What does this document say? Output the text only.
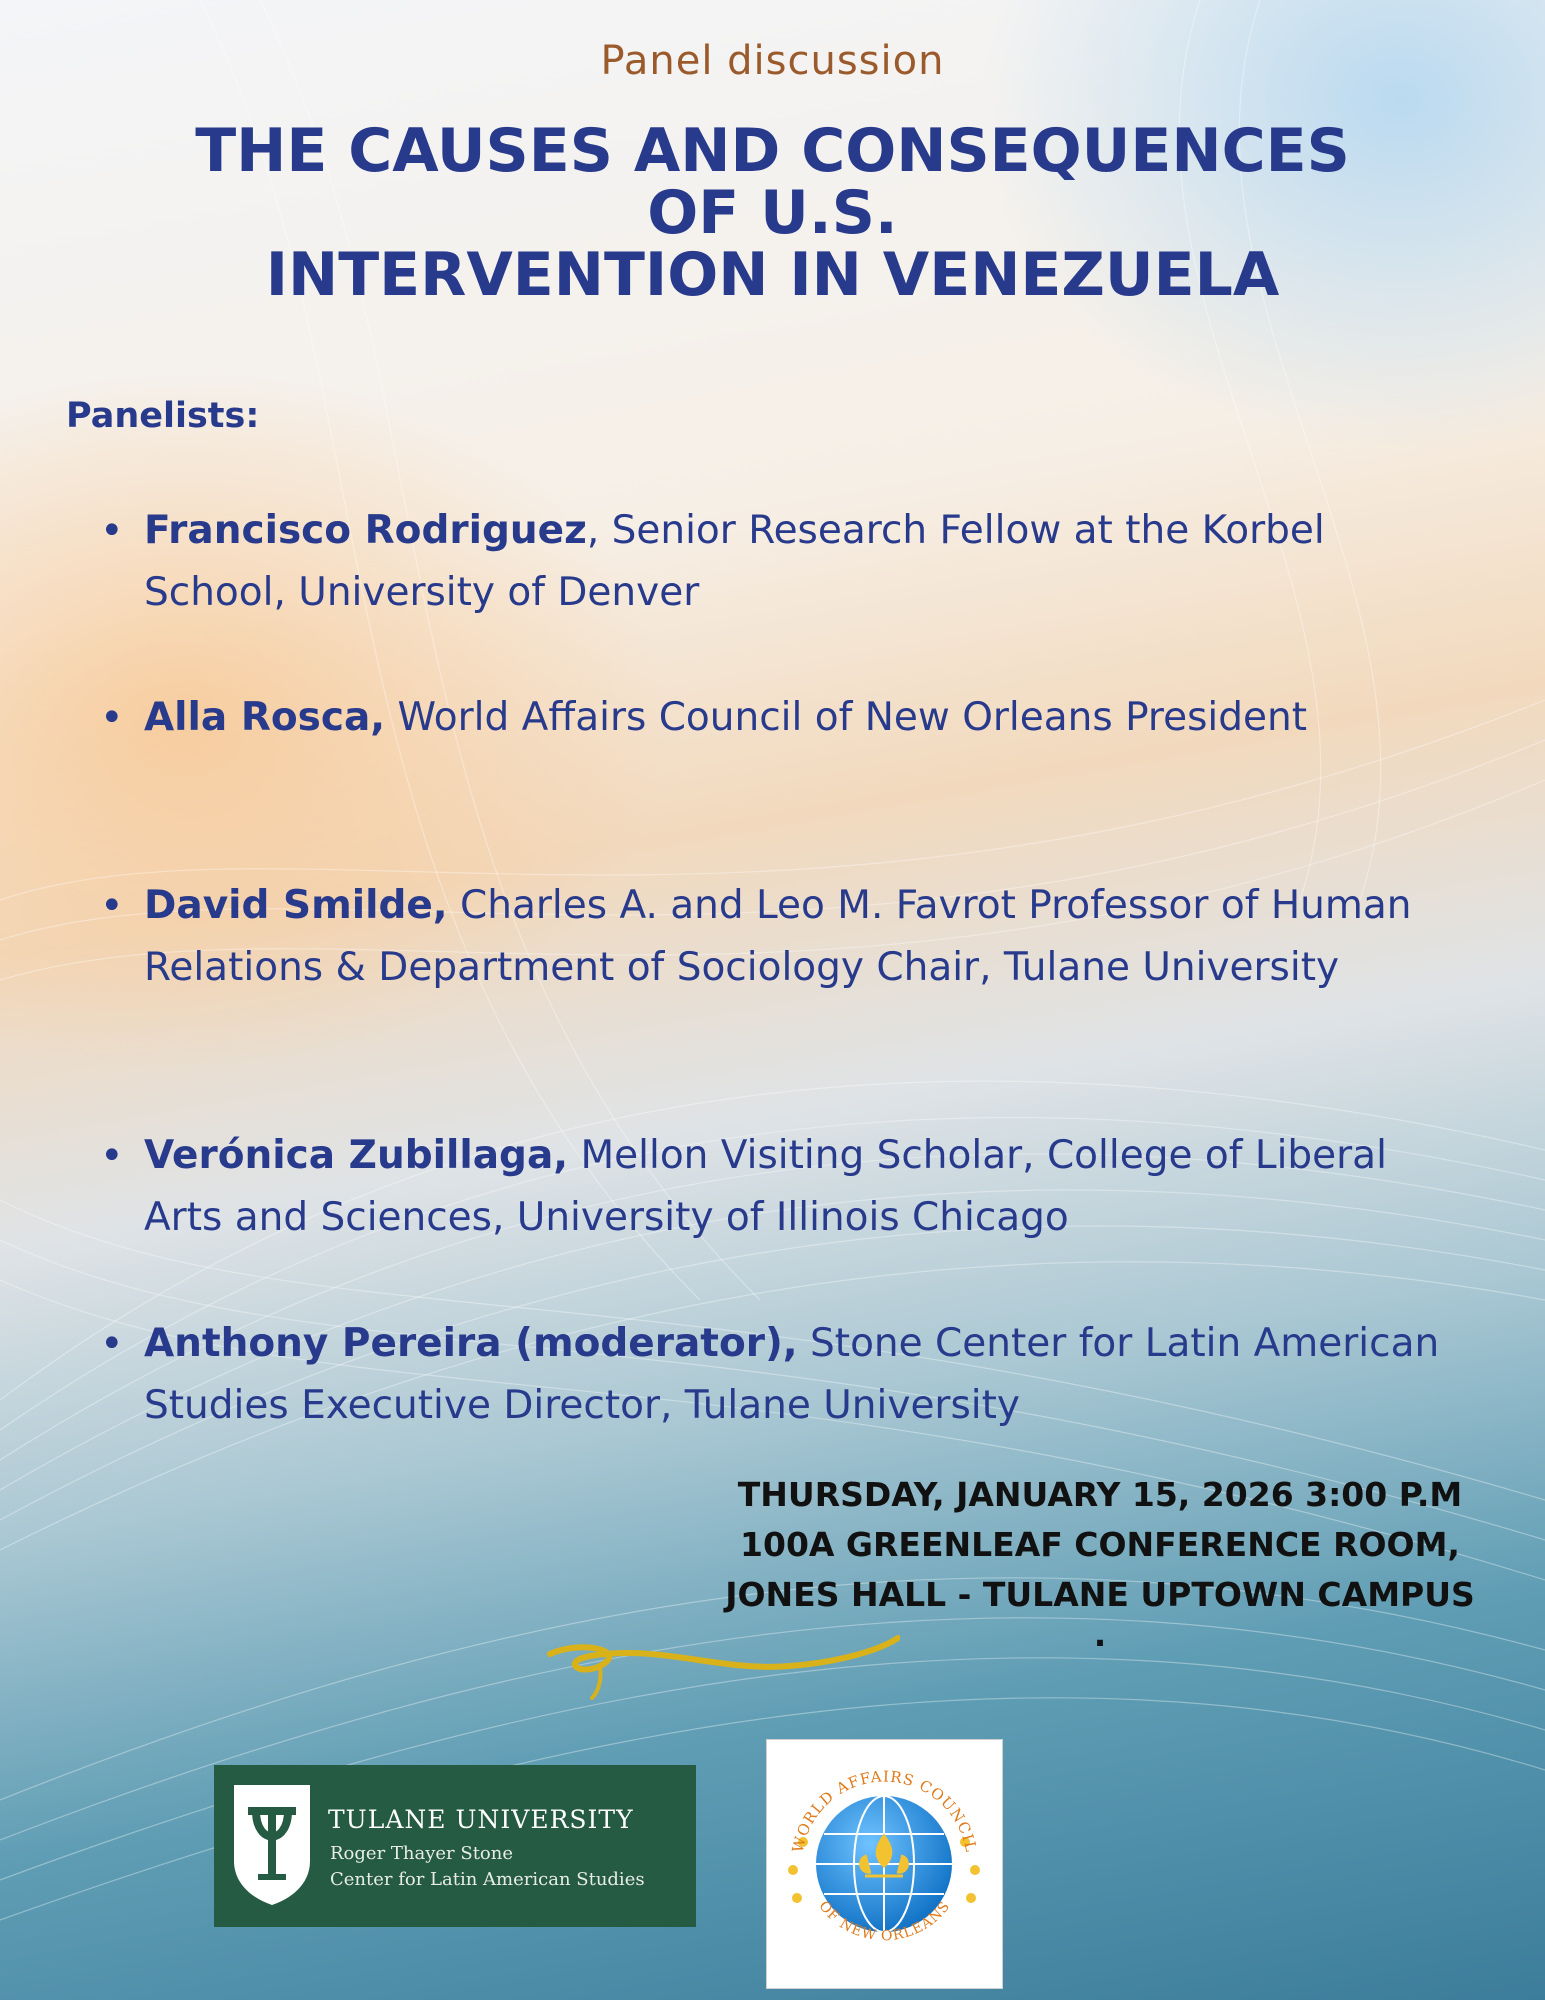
Panel discussion
THE CAUSES AND CONSEQUENCES
OF U.S.
INTERVENTION IN VENEZUELA
Panelists:
• Francisco Rodriguez, Senior Research Fellow at the Korbel School, University of Denver
• Alla Rosca, World Affairs Council of New Orleans President
• David Smilde, Charles A. and Leo M. Favrot Professor of Human Relations & Department of Sociology Chair, Tulane University
• Verónica Zubillaga, Mellon Visiting Scholar, College of Liberal Arts and Sciences, University of Illinois Chicago
• Anthony Pereira (moderator), Stone Center for Latin American Studies Executive Director, Tulane University
THURSDAY, JANUARY 15, 2026 3:00 P.M
100A GREENLEAF CONFERENCE ROOM,
JONES HALL - TULANE UPTOWN CAMPUS
.
TULANE UNIVERSITY
Roger Thayer Stone
Center for Latin American Studies
WORLD AFFAIRS COUNCIL
OF NEW ORLEANS
